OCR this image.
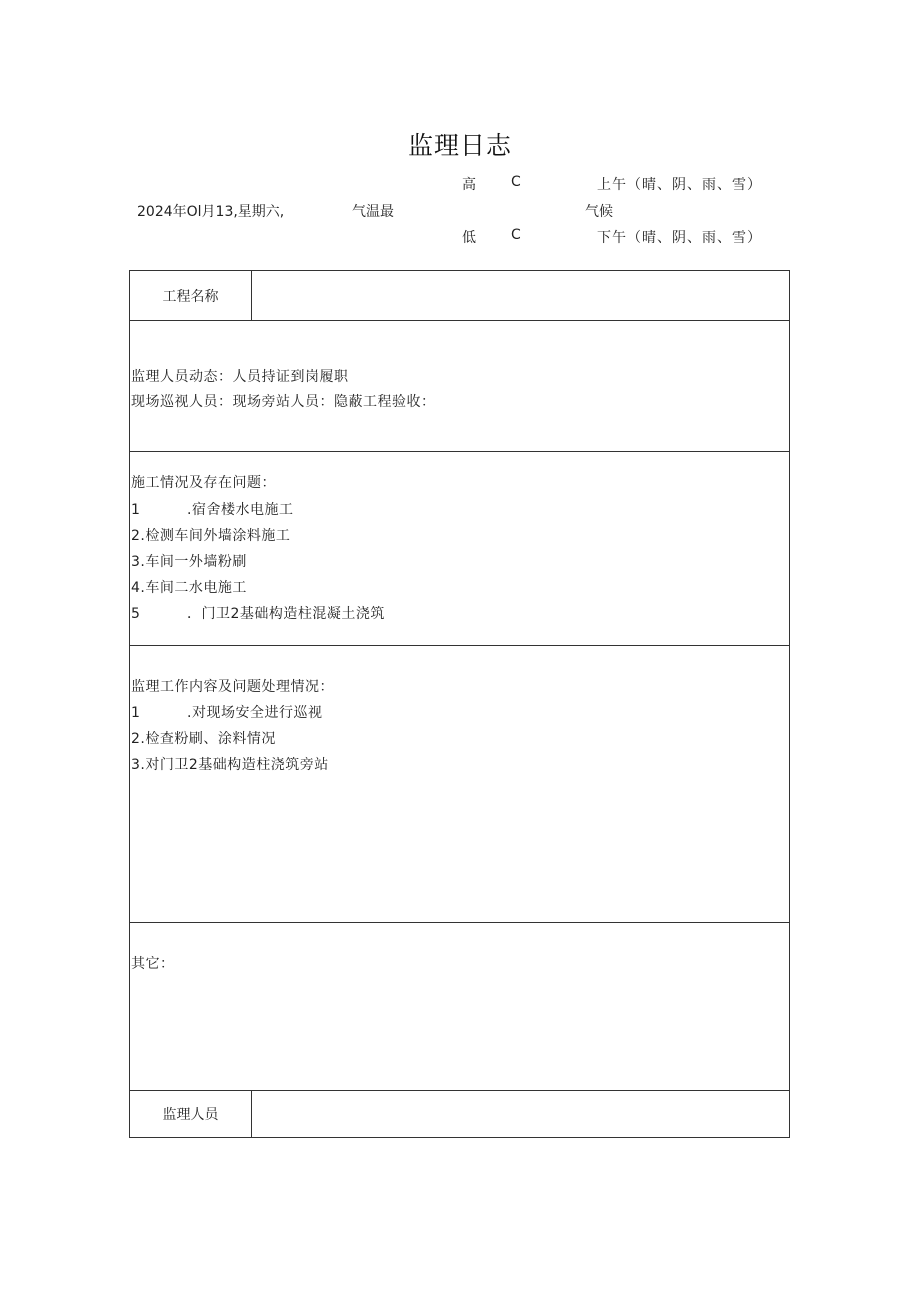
监理日志
2024年Ol月13,星期六,	气温最
高	C
低	C
气候
上午（晴、阴、雨、雪）
下午（晴、阴、雨、雪）
工程名称
监理人员动态：人员持证到岗履职
现场巡视人员：现场旁站人员：隐蔽工程验收：
施工情况及存在问题：
1	.宿舍楼水电施工
2.检测车间外墙涂料施工
3.车间一外墙粉刷
4.车间二水电施工
5	．门卫2基础构造柱混凝土浇筑
监理工作内容及问题处理情况：
1	.对现场安全进行巡视
2.检查粉刷、涂料情况
3.对门卫2基础构造柱浇筑旁站
其它：
监理人员
